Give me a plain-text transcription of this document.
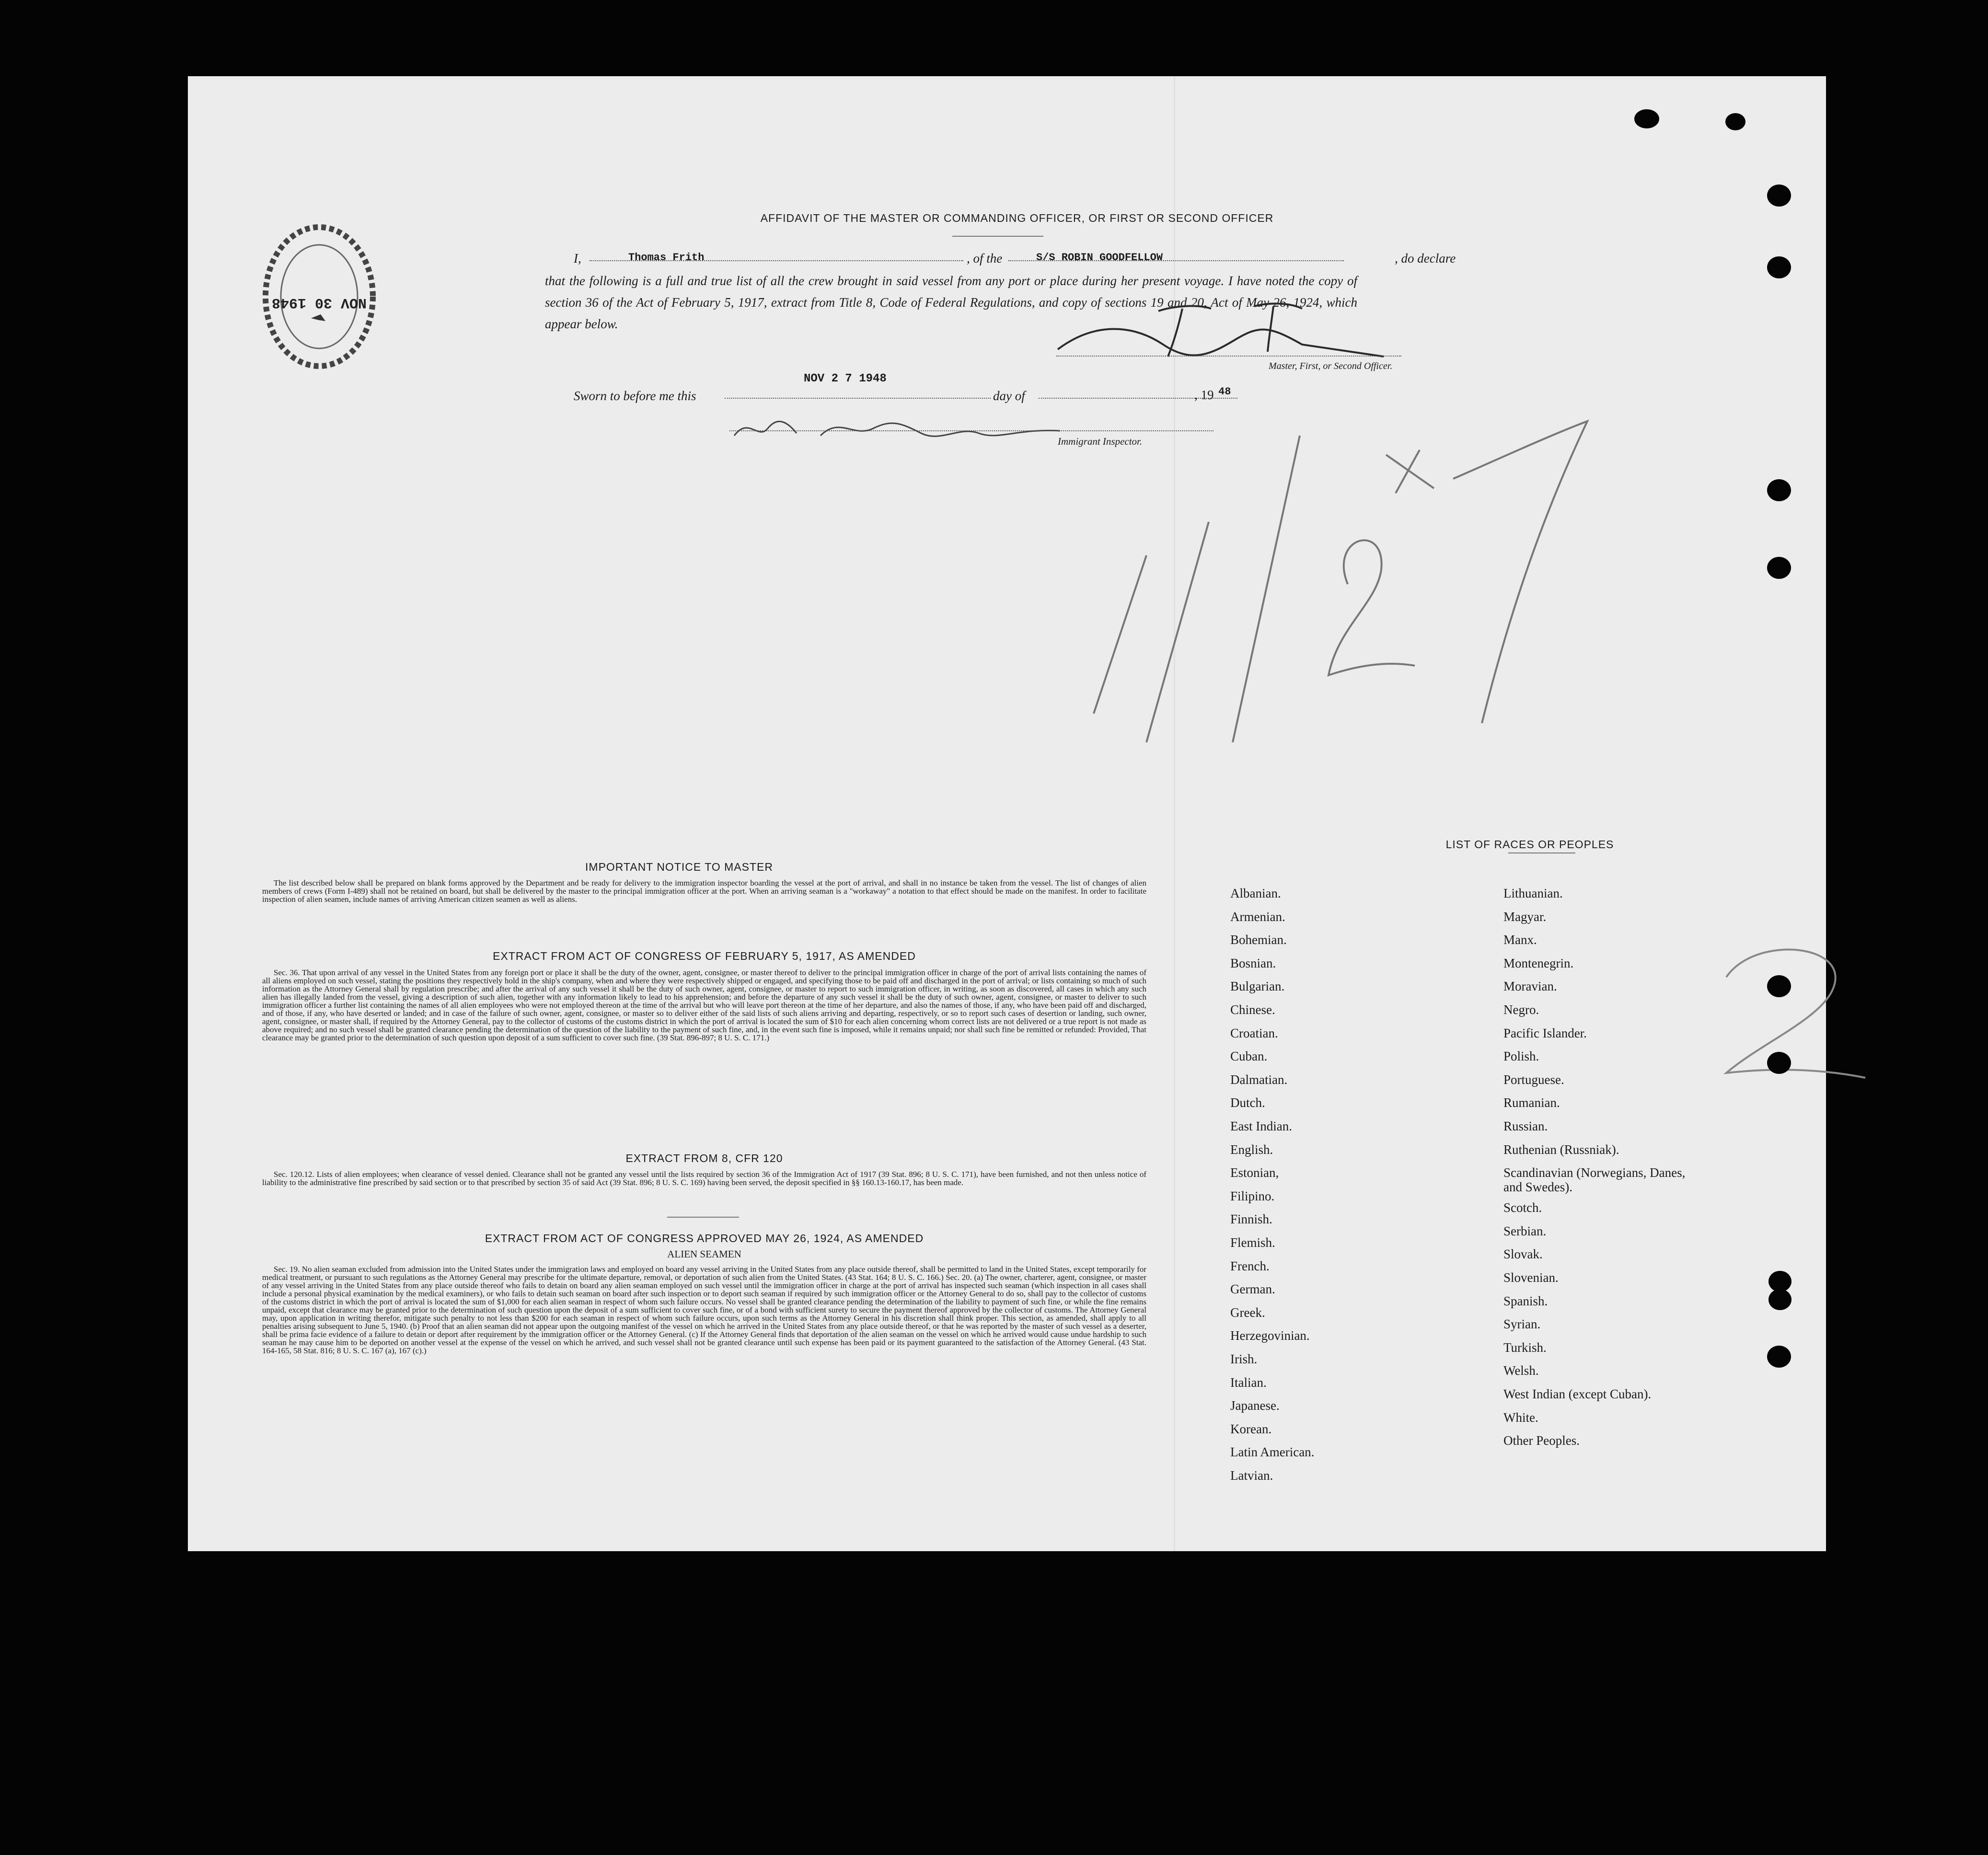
NOV 30 1948
AFFIDAVIT OF THE MASTER OR COMMANDING OFFICER, OR FIRST OR SECOND OFFICER
I,	Thomas Frith	, of the	S/S ROBIN GOODFELLOW	, do declare
that the following is a full and true list of all the crew brought in said vessel from any port or place during her present voyage. I have noted the copy of section 36 of the Act of February 5, 1917, extract from Title 8, Code of Federal Regulations, and copy of sections 19 and 20, Act of May 26, 1924, which appear below.
Master, First, or Second Officer.
Sworn to before me this
NOV 2 7 1948
day of	, 19 48
Immigrant Inspector.
IMPORTANT NOTICE TO MASTER
The list described below shall be prepared on blank forms approved by the Department and be ready for delivery to the immigration inspector boarding the vessel at the port of arrival, and shall in no instance be taken from the vessel. The list of changes of alien members of crews (Form I-489) shall not be retained on board, but shall be delivered by the master to the principal immigration officer at the port. When an arriving seaman is a "workaway" a notation to that effect should be made on the manifest. In order to facilitate inspection of alien seamen, include names of arriving American citizen seamen as well as aliens.
EXTRACT FROM ACT OF CONGRESS OF FEBRUARY 5, 1917, AS AMENDED
Sec. 36. That upon arrival of any vessel in the United States from any foreign port or place it shall be the duty of the owner, agent, consignee, or master thereof to deliver to the principal immigration officer in charge of the port of arrival lists containing the names of all aliens employed on such vessel, stating the positions they respectively hold in the ship's company, when and where they were respectively shipped or engaged, and specifying those to be paid off and discharged in the port of arrival; or lists containing so much of such information as the Attorney General shall by regulation prescribe; and after the arrival of any such vessel it shall be the duty of such owner, agent, consignee, or master to report to such immigration officer, in writing, as soon as discovered, all cases in which any such alien has illegally landed from the vessel, giving a description of such alien, together with any information likely to lead to his apprehension; and before the departure of any such vessel it shall be the duty of such owner, agent, consignee, or master to deliver to such immigration officer a further list containing the names of all alien employees who were not employed thereon at the time of the arrival but who will leave port thereon at the time of her departure, and also the names of those, if any, who have been paid off and discharged, and of those, if any, who have deserted or landed; and in case of the failure of such owner, agent, consignee, or master so to deliver either of the said lists of such aliens arriving and departing, respectively, or so to report such cases of desertion or landing, such owner, agent, consignee, or master shall, if required by the Attorney General, pay to the collector of customs of the customs district in which the port of arrival is located the sum of $10 for each alien concerning whom correct lists are not delivered or a true report is not made as above required; and no such vessel shall be granted clearance pending the determination of the question of the liability to the payment of such fine, and, in the event such fine is imposed, while it remains unpaid; nor shall such fine be remitted or refunded: Provided, That clearance may be granted prior to the determination of such question upon deposit of a sum sufficient to cover such fine. (39 Stat. 896-897; 8 U. S. C. 171.)
EXTRACT FROM 8, CFR 120
Sec. 120.12. Lists of alien employees; when clearance of vessel denied. Clearance shall not be granted any vessel until the lists required by section 36 of the Immigration Act of 1917 (39 Stat. 896; 8 U. S. C. 171), have been furnished, and not then unless notice of liability to the administrative fine prescribed by said section or to that prescribed by section 35 of said Act (39 Stat. 896; 8 U. S. C. 169) having been served, the deposit specified in §§ 160.13-160.17, has been made.
EXTRACT FROM ACT OF CONGRESS APPROVED MAY 26, 1924, AS AMENDED
ALIEN SEAMEN
Sec. 19. No alien seaman excluded from admission into the United States under the immigration laws and employed on board any vessel arriving in the United States from any place outside thereof, shall be permitted to land in the United States, except temporarily for medical treatment, or pursuant to such regulations as the Attorney General may prescribe for the ultimate departure, removal, or deportation of such alien from the United States. (43 Stat. 164; 8 U. S. C. 166.) Sec. 20. (a) The owner, charterer, agent, consignee, or master of any vessel arriving in the United States from any place outside thereof who fails to detain on board any alien seaman employed on such vessel until the immigration officer in charge at the port of arrival has inspected such seaman (which inspection in all cases shall include a personal physical examination by the medical examiners), or who fails to detain such seaman on board after such inspection or to deport such seaman if required by such immigration officer or the Attorney General to do so, shall pay to the collector of customs of the customs district in which the port of arrival is located the sum of $1,000 for each alien seaman in respect of whom such failure occurs. No vessel shall be granted clearance pending the determination of the liability to payment of such fine, or while the fine remains unpaid, except that clearance may be granted prior to the determination of such question upon the deposit of a sum sufficient to cover such fine, or of a bond with sufficient surety to secure the payment thereof approved by the collector of customs. The Attorney General may, upon application in writing therefor, mitigate such penalty to not less than $200 for each seaman in respect of whom such failure occurs, upon such terms as the Attorney General in his discretion shall think proper. This section, as amended, shall apply to all penalties arising subsequent to June 5, 1940. (b) Proof that an alien seaman did not appear upon the outgoing manifest of the vessel on which he arrived in the United States from any place outside thereof, or that he was reported by the master of such vessel as a deserter, shall be prima facie evidence of a failure to detain or deport after requirement by the immigration officer or the Attorney General. (c) If the Attorney General finds that deportation of the alien seaman on the vessel on which he arrived would cause undue hardship to such seaman he may cause him to be deported on another vessel at the expense of the vessel on which he arrived, and such vessel shall not be granted clearance until such expense has been paid or its payment guaranteed to the satisfaction of the Attorney General. (43 Stat. 164-165, 58 Stat. 816; 8 U. S. C. 167 (a), 167 (c).)
LIST OF RACES OR PEOPLES
Albanian.
Armenian.
Bohemian.
Bosnian.
Bulgarian.
Chinese.
Croatian.
Cuban.
Dalmatian.
Dutch.
East Indian.
English.
Estonian,
Filipino.
Finnish.
Flemish.
French.
German.
Greek.
Herzegovinian.
Irish.
Italian.
Japanese.
Korean.
Latin American.
Latvian.
Lithuanian.
Magyar.
Manx.
Montenegrin.
Moravian.
Negro.
Pacific Islander.
Polish.
Portuguese.
Rumanian.
Russian.
Ruthenian (Russniak).
Scandinavian (Norwegians, Danes, and Swedes).
Scotch.
Serbian.
Slovak.
Slovenian.
Spanish.
Syrian.
Turkish.
Welsh.
West Indian (except Cuban).
White.
Other Peoples.
